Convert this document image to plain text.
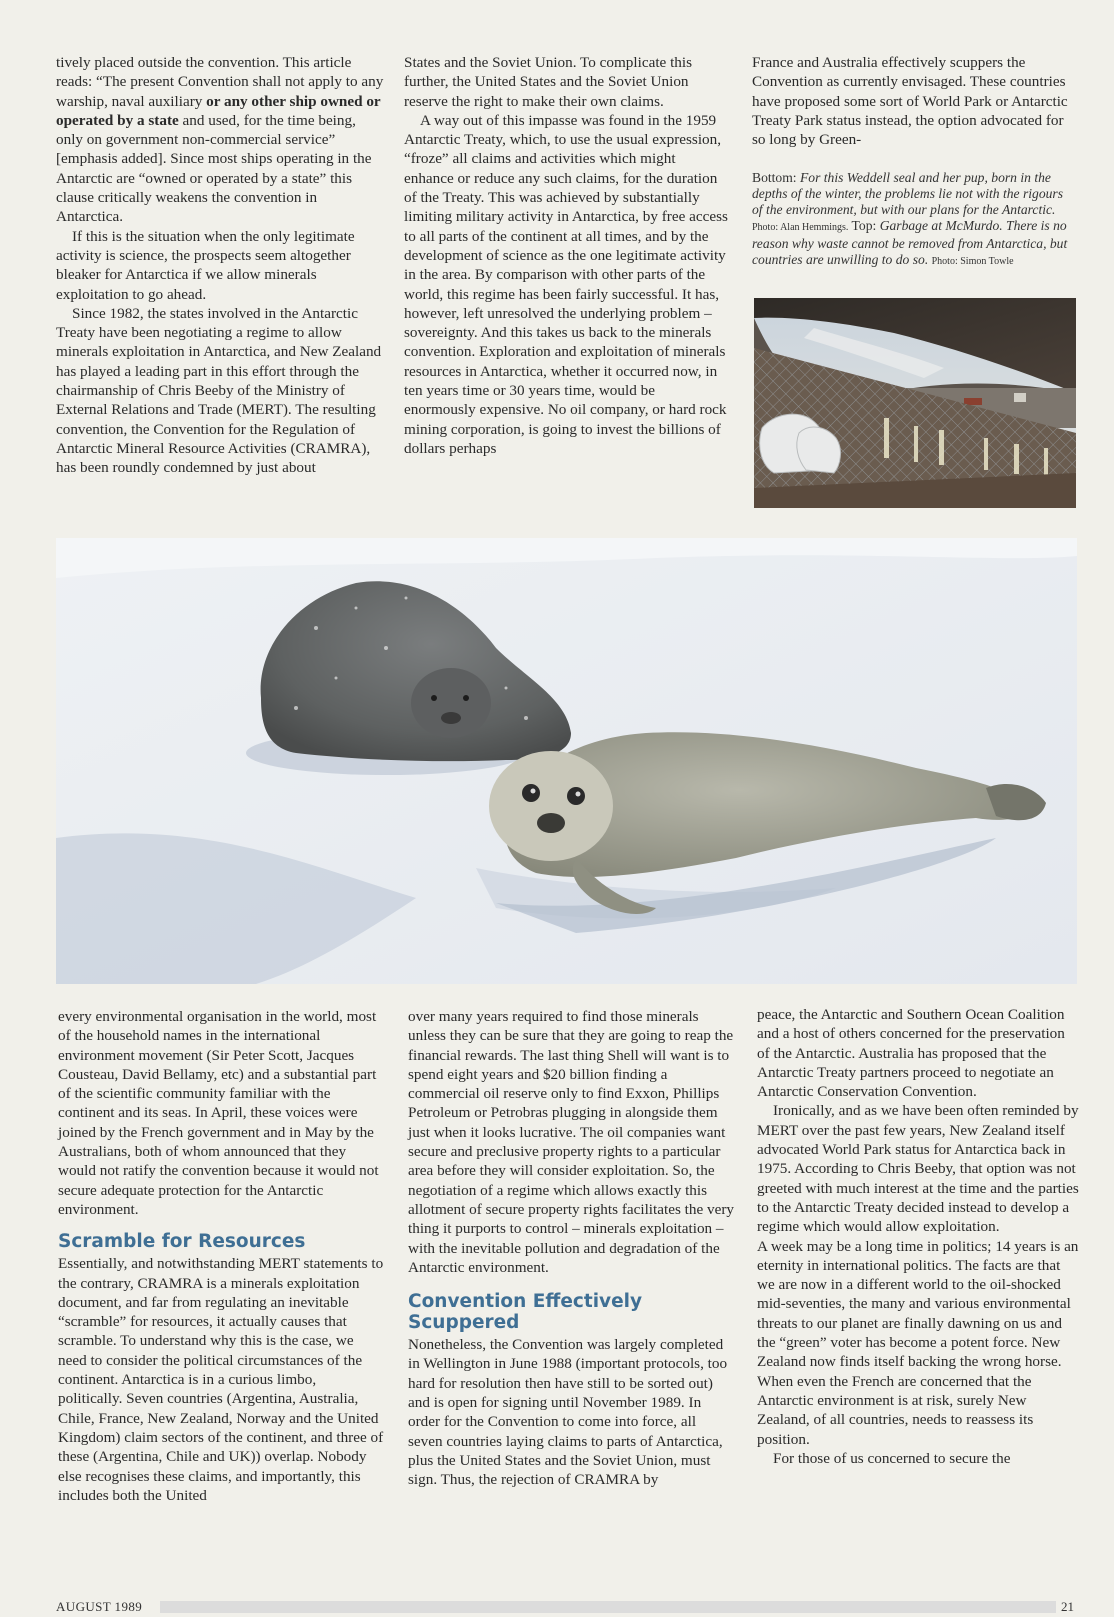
tively placed outside the convention. This article reads: “The present Convention shall not apply to any warship, naval auxiliary or any other ship owned or operated by a state and used, for the time being, only on government non-commercial service” [emphasis added]. Since most ships operating in the Antarctic are “owned or operated by a state” this clause critically weakens the convention in Antarctica.

If this is the situation when the only legitimate activity is science, the prospects seem altogether bleaker for Antarctica if we allow minerals exploitation to go ahead.

Since 1982, the states involved in the Antarctic Treaty have been negotiating a regime to allow minerals exploitation in Antarctica, and New Zealand has played a leading part in this effort through the chairmanship of Chris Beeby of the Ministry of External Relations and Trade (MERT). The resulting convention, the Convention for the Regulation of Antarctic Mineral Resource Activities (CRAMRA), has been roundly condemned by just about

States and the Soviet Union. To complicate this further, the United States and the Soviet Union reserve the right to make their own claims.

A way out of this impasse was found in the 1959 Antarctic Treaty, which, to use the usual expression, “froze” all claims and activities which might enhance or reduce any such claims, for the duration of the Treaty. This was achieved by substantially limiting military activity in Antarctica, by free access to all parts of the continent at all times, and by the development of science as the one legitimate activity in the area. By comparison with other parts of the world, this regime has been fairly successful. It has, however, left unresolved the underlying problem – sovereignty. And this takes us back to the minerals convention. Exploration and exploitation of minerals resources in Antarctica, whether it occurred now, in ten years time or 30 years time, would be enormously expensive. No oil company, or hard rock mining corporation, is going to invest the billions of dollars perhaps

France and Australia effectively scuppers the Convention as currently envisaged. These countries have proposed some sort of World Park or Antarctic Treaty Park status instead, the option advocated for so long by Green-

Bottom: For this Weddell seal and her pup, born in the depths of the winter, the problems lie not with the rigours of the environment, but with our plans for the Antarctic. Photo: Alan Hemmings. Top: Garbage at McMurdo. There is no reason why waste cannot be removed from Antarctica, but countries are unwilling to do so. Photo: Simon Towle

every environmental organisation in the world, most of the household names in the international environment movement (Sir Peter Scott, Jacques Cousteau, David Bellamy, etc) and a substantial part of the scientific community familiar with the continent and its seas. In April, these voices were joined by the French government and in May by the Australians, both of whom announced that they would not ratify the convention because it would not secure adequate protection for the Antarctic environment.

Scramble for Resources

Essentially, and notwithstanding MERT statements to the contrary, CRAMRA is a minerals exploitation document, and far from regulating an inevitable “scramble” for resources, it actually causes that scramble. To understand why this is the case, we need to consider the political circumstances of the continent. Antarctica is in a curious limbo, politically. Seven countries (Argentina, Australia, Chile, France, New Zealand, Norway and the United Kingdom) claim sectors of the continent, and three of these (Argentina, Chile and UK)) overlap. Nobody else recognises these claims, and importantly, this includes both the United

over many years required to find those minerals unless they can be sure that they are going to reap the financial rewards. The last thing Shell will want is to spend eight years and $20 billion finding a commercial oil reserve only to find Exxon, Phillips Petroleum or Petrobras plugging in alongside them just when it looks lucrative. The oil companies want secure and preclusive property rights to a particular area before they will consider exploitation. So, the negotiation of a regime which allows exactly this allotment of secure property rights facilitates the very thing it purports to control – minerals exploitation – with the inevitable pollution and degradation of the Antarctic environment.

Convention Effectively Scuppered

Nonetheless, the Convention was largely completed in Wellington in June 1988 (important protocols, too hard for resolution then have still to be sorted out) and is open for signing until November 1989. In order for the Convention to come into force, all seven countries laying claims to parts of Antarctica, plus the United States and the Soviet Union, must sign. Thus, the rejection of CRAMRA by

peace, the Antarctic and Southern Ocean Coalition and a host of others concerned for the preservation of the Antarctic. Australia has proposed that the Antarctic Treaty partners proceed to negotiate an Antarctic Conservation Convention.

Ironically, and as we have been often reminded by MERT over the past few years, New Zealand itself advocated World Park status for Antarctica back in 1975. According to Chris Beeby, that option was not greeted with much interest at the time and the parties to the Antarctic Treaty decided instead to develop a regime which would allow exploitation.

A week may be a long time in politics; 14 years is an eternity in international politics. The facts are that we are now in a different world to the oil-shocked mid-seventies, the many and various environmental threats to our planet are finally dawning on us and the “green” voter has become a potent force. New Zealand now finds itself backing the wrong horse. When even the French are concerned that the Antarctic environment is at risk, surely New Zealand, of all countries, needs to reassess its position.

For those of us concerned to secure the

AUGUST 1989	21
